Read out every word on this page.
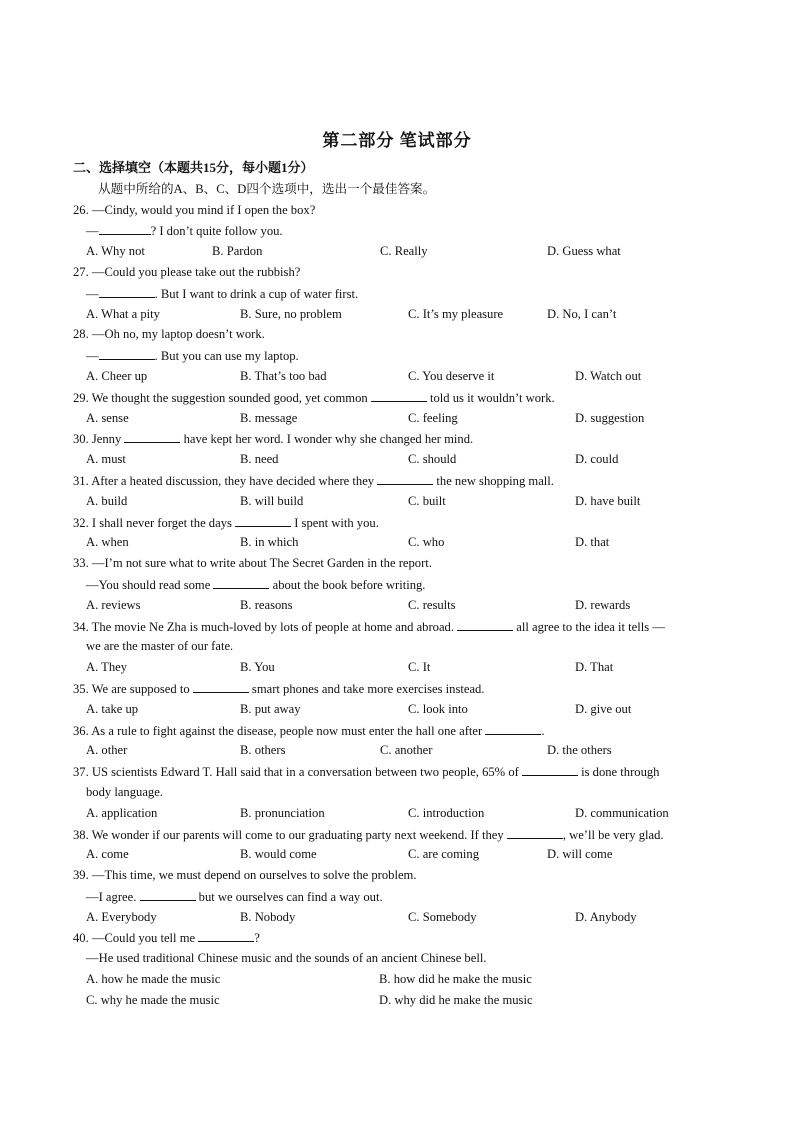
第二部分 笔试部分
二、选择填空（本题共15分，每小题1分）
从题中所给的A、B、C、D四个选项中，选出一个最佳答案。
26. —Cindy, would you mind if I open the box?
—	? I don’t quite follow you.
A. Why not	B. Pardon	C. Really	D. Guess what
27. —Could you please take out the rubbish?
—	. But I want to drink a cup of water first.
A. What a pity	B. Sure, no problem	C. It’s my pleasure	D. No, I can’t
28. —Oh no, my laptop doesn’t work.
—	. But you can use my laptop.
A. Cheer up	B. That’s too bad	C. You deserve it	D. Watch out
29. We thought the suggestion sounded good, yet common	told us it wouldn’t work.
A. sense	B. message	C. feeling	D. suggestion
30. Jenny	have kept her word. I wonder why she changed her mind.
A. must	B. need	C. should	D. could
31. After a heated discussion, they have decided where they	the new shopping mall.
A. build	B. will build	C. built	D. have built
32. I shall never forget the days	I spent with you.
A. when	B. in which	C. who	D. that
33. —I’m not sure what to write about The Secret Garden in the report.
—You should read some	about the book before writing.
A. reviews	B. reasons	C. results	D. rewards
34. The movie Ne Zha is much-loved by lots of people at home and abroad.	all agree to the idea it tells —
we are the master of our fate.
A. They	B. You	C. It	D. That
35. We are supposed to	smart phones and take more exercises instead.
A. take up	B. put away	C. look into	D. give out
36. As a rule to fight against the disease, people now must enter the hall one after	.
A. other	B. others	C. another	D. the others
37. US scientists Edward T. Hall said that in a conversation between two people, 65% of	is done through
body language.
A. application	B. pronunciation	C. introduction	D. communication
38. We wonder if our parents will come to our graduating party next weekend. If they	, we’ll be very glad.
A. come	B. would come	C. are coming	D. will come
39. —This time, we must depend on ourselves to solve the problem.
—I agree.	but we ourselves can find a way out.
A. Everybody	B. Nobody	C. Somebody	D. Anybody
40. —Could you tell me	?
—He used traditional Chinese music and the sounds of an ancient Chinese bell.
A. how he made the music	B. how did he make the music
C. why he made the music	D. why did he make the music
